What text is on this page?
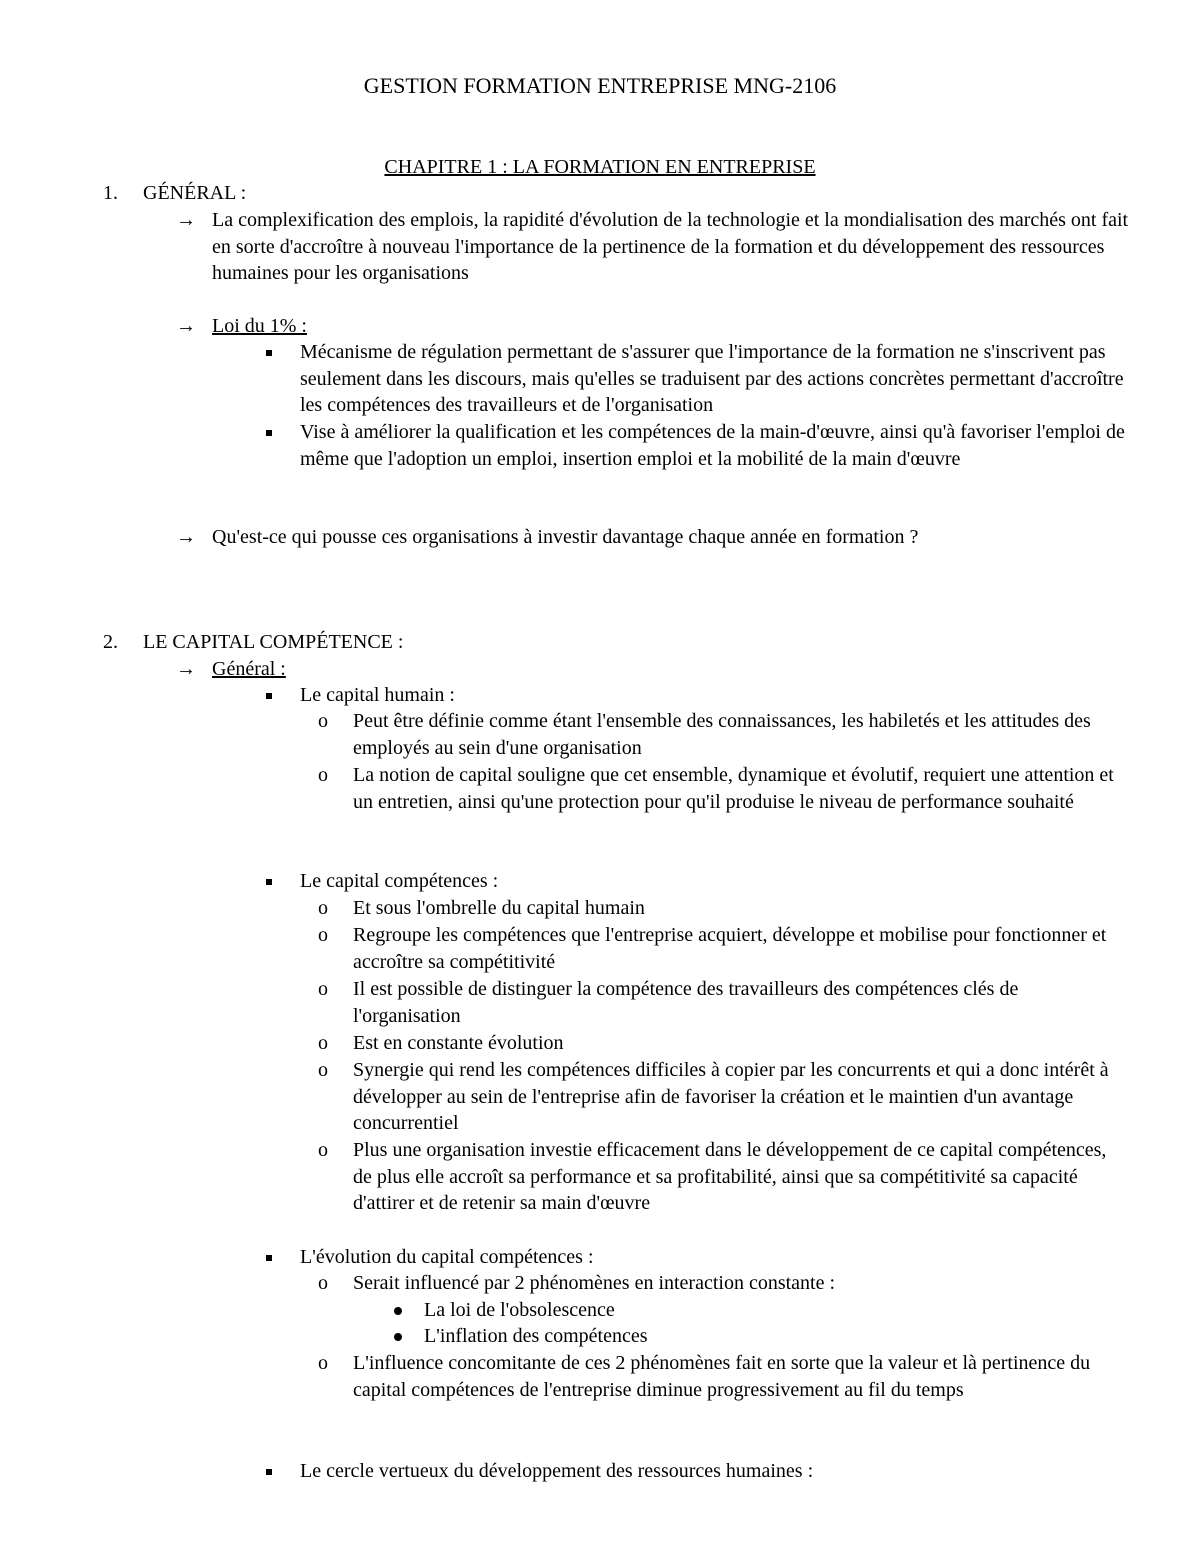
GESTION FORMATION ENTREPRISE MNG-2106
CHAPITRE 1 : LA FORMATION EN ENTREPRISE
1. GÉNÉRAL :
→ La complexification des emplois, la rapidité d'évolution de la technologie et la mondialisation des marchés ont fait en sorte d'accroître à nouveau l'importance de la pertinence de la formation et du développement des ressources humaines pour les organisations
→ Loi du 1% :
Mécanisme de régulation permettant de s'assurer que l'importance de la formation ne s'inscrivent pas seulement dans les discours, mais qu'elles se traduisent par des actions concrètes permettant d'accroître les compétences des travailleurs et de l'organisation
Vise à améliorer la qualification et les compétences de la main-d'œuvre, ainsi qu'à favoriser l'emploi de même que l'adoption un emploi, insertion emploi et la mobilité de la main d'œuvre
→ Qu'est-ce qui pousse ces organisations à investir davantage chaque année en formation ?
2. LE CAPITAL COMPÉTENCE :
→ Général :
Le capital humain :
o Peut être définie comme étant l'ensemble des connaissances, les habiletés et les attitudes des employés au sein d'une organisation
o La notion de capital souligne que cet ensemble, dynamique et évolutif, requiert une attention et un entretien, ainsi qu'une protection pour qu'il produise le niveau de performance souhaité
Le capital compétences :
o Et sous l'ombrelle du capital humain
o Regroupe les compétences que l'entreprise acquiert, développe et mobilise pour fonctionner et accroître sa compétitivité
o Il est possible de distinguer la compétence des travailleurs des compétences clés de l'organisation
o Est en constante évolution
o Synergie qui rend les compétences difficiles à copier par les concurrents et qui a donc intérêt à développer au sein de l'entreprise afin de favoriser la création et le maintien d'un avantage concurrentiel
o Plus une organisation investie efficacement dans le développement de ce capital compétences, de plus elle accroît sa performance et sa profitabilité, ainsi que sa compétitivité sa capacité d'attirer et de retenir sa main d'œuvre
L'évolution du capital compétences :
o Serait influencé par 2 phénomènes en interaction constante :
La loi de l'obsolescence
L'inflation des compétences
o L'influence concomitante de ces 2 phénomènes fait en sorte que la valeur et là pertinence du capital compétences de l'entreprise diminue progressivement au fil du temps
Le cercle vertueux du développement des ressources humaines :
